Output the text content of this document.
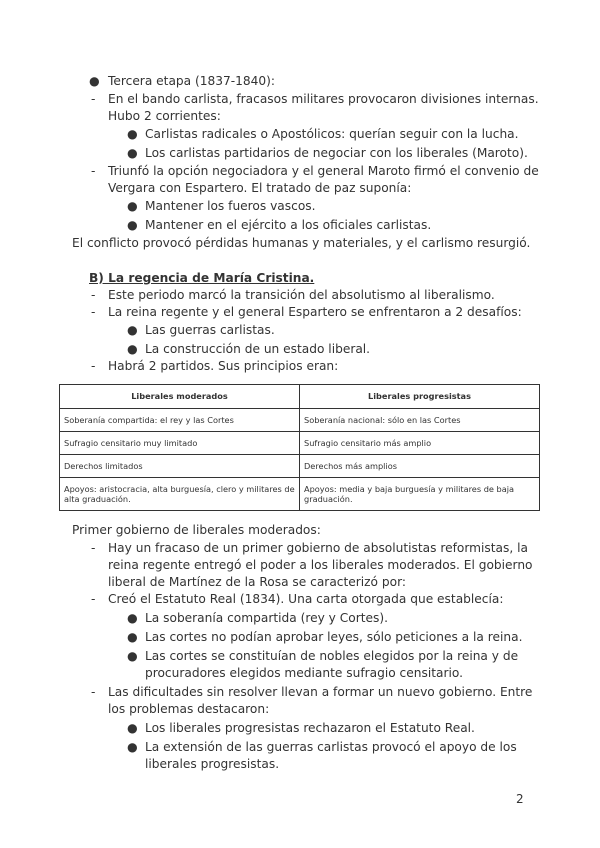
● Tercera etapa (1837-1840):
- En el bando carlista, fracasos militares provocaron divisiones internas.
Hubo 2 corrientes:
● Carlistas radicales o Apostólicos: querían seguir con la lucha.
● Los carlistas partidarios de negociar con los liberales (Maroto).
- Triunfó la opción negociadora y el general Maroto firmó el convenio de
Vergara con Espartero. El tratado de paz suponía:
● Mantener los fueros vascos.
● Mantener en el ejército a los oficiales carlistas.
El conflicto provocó pérdidas humanas y materiales, y el carlismo resurgió.
B) La regencia de María Cristina.
- Este periodo marcó la transición del absolutismo al liberalismo.
- La reina regente y el general Espartero se enfrentaron a 2 desafíos:
● Las guerras carlistas.
● La construcción de un estado liberal.
- Habrá 2 partidos. Sus principios eran:
Liberales moderados	Liberales progresistas
Soberanía compartida: el rey y las Cortes	Soberanía nacional: sólo en las Cortes
Sufragio censitario muy limitado	Sufragio censitario más amplio
Derechos limitados	Derechos más amplios
Apoyos: aristocracia, alta burguesía, clero y militares de alta graduación.	Apoyos: media y baja burguesía y militares de baja graduación.
Primer gobierno de liberales moderados:
- Hay un fracaso de un primer gobierno de absolutistas reformistas, la
reina regente entregó el poder a los liberales moderados. El gobierno
liberal de Martínez de la Rosa se caracterizó por:
- Creó el Estatuto Real (1834). Una carta otorgada que establecía:
● La soberanía compartida (rey y Cortes).
● Las cortes no podían aprobar leyes, sólo peticiones a la reina.
● Las cortes se constituían de nobles elegidos por la reina y de
procuradores elegidos mediante sufragio censitario.
- Las dificultades sin resolver llevan a formar un nuevo gobierno. Entre
los problemas destacaron:
● Los liberales progresistas rechazaron el Estatuto Real.
● La extensión de las guerras carlistas provocó el apoyo de los
liberales progresistas.
2
